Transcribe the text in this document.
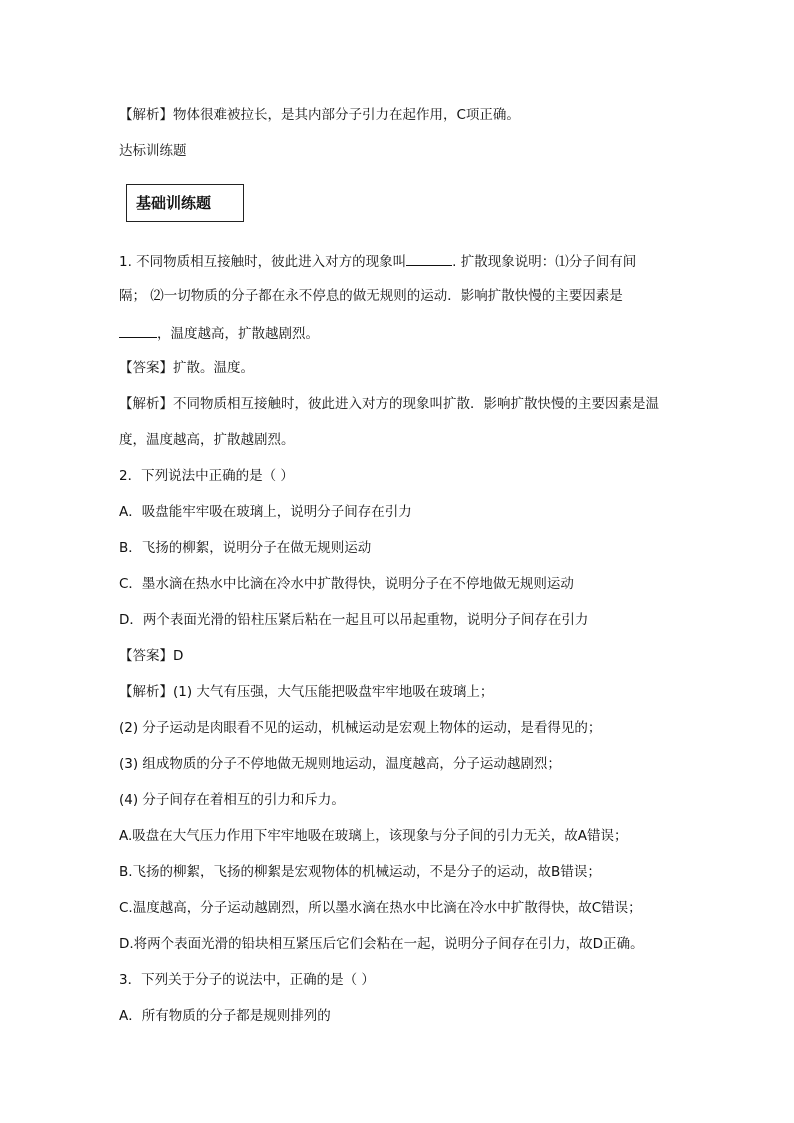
【解析】物体很难被拉长，是其内部分子引力在起作用，C项正确。
达标训练题
基础训练题
1. 不同物质相互接触时，彼此进入对方的现象叫	. 扩散现象说明：⑴分子间有间
隔； ⑵一切物质的分子都在永不停息的做无规则的运动．影响扩散快慢的主要因素是
，温度越高，扩散越剧烈。
【答案】扩散。温度。
【解析】不同物质相互接触时，彼此进入对方的现象叫扩散．影响扩散快慢的主要因素是温
度，温度越高，扩散越剧烈。
2．下列说法中正确的是（ ）
A．吸盘能牢牢吸在玻璃上，说明分子间存在引力
B．飞扬的柳絮，说明分子在做无规则运动
C．墨水滴在热水中比滴在冷水中扩散得快，说明分子在不停地做无规则运动
D．两个表面光滑的铅柱压紧后粘在一起且可以吊起重物，说明分子间存在引力
【答案】D
【解析】(1) 大气有压强，大气压能把吸盘牢牢地吸在玻璃上；
(2) 分子运动是肉眼看不见的运动，机械运动是宏观上物体的运动，是看得见的；
(3) 组成物质的分子不停地做无规则地运动，温度越高，分子运动越剧烈；
(4) 分子间存在着相互的引力和斥力。
A.吸盘在大气压力作用下牢牢地吸在玻璃上，该现象与分子间的引力无关，故A错误；
B.飞扬的柳絮，飞扬的柳絮是宏观物体的机械运动，不是分子的运动，故B错误；
C.温度越高，分子运动越剧烈，所以墨水滴在热水中比滴在冷水中扩散得快，故C错误；
D.将两个表面光滑的铅块相互紧压后它们会粘在一起，说明分子间存在引力，故D正确。
3．下列关于分子的说法中，正确的是（ ）
A．所有物质的分子都是规则排列的
